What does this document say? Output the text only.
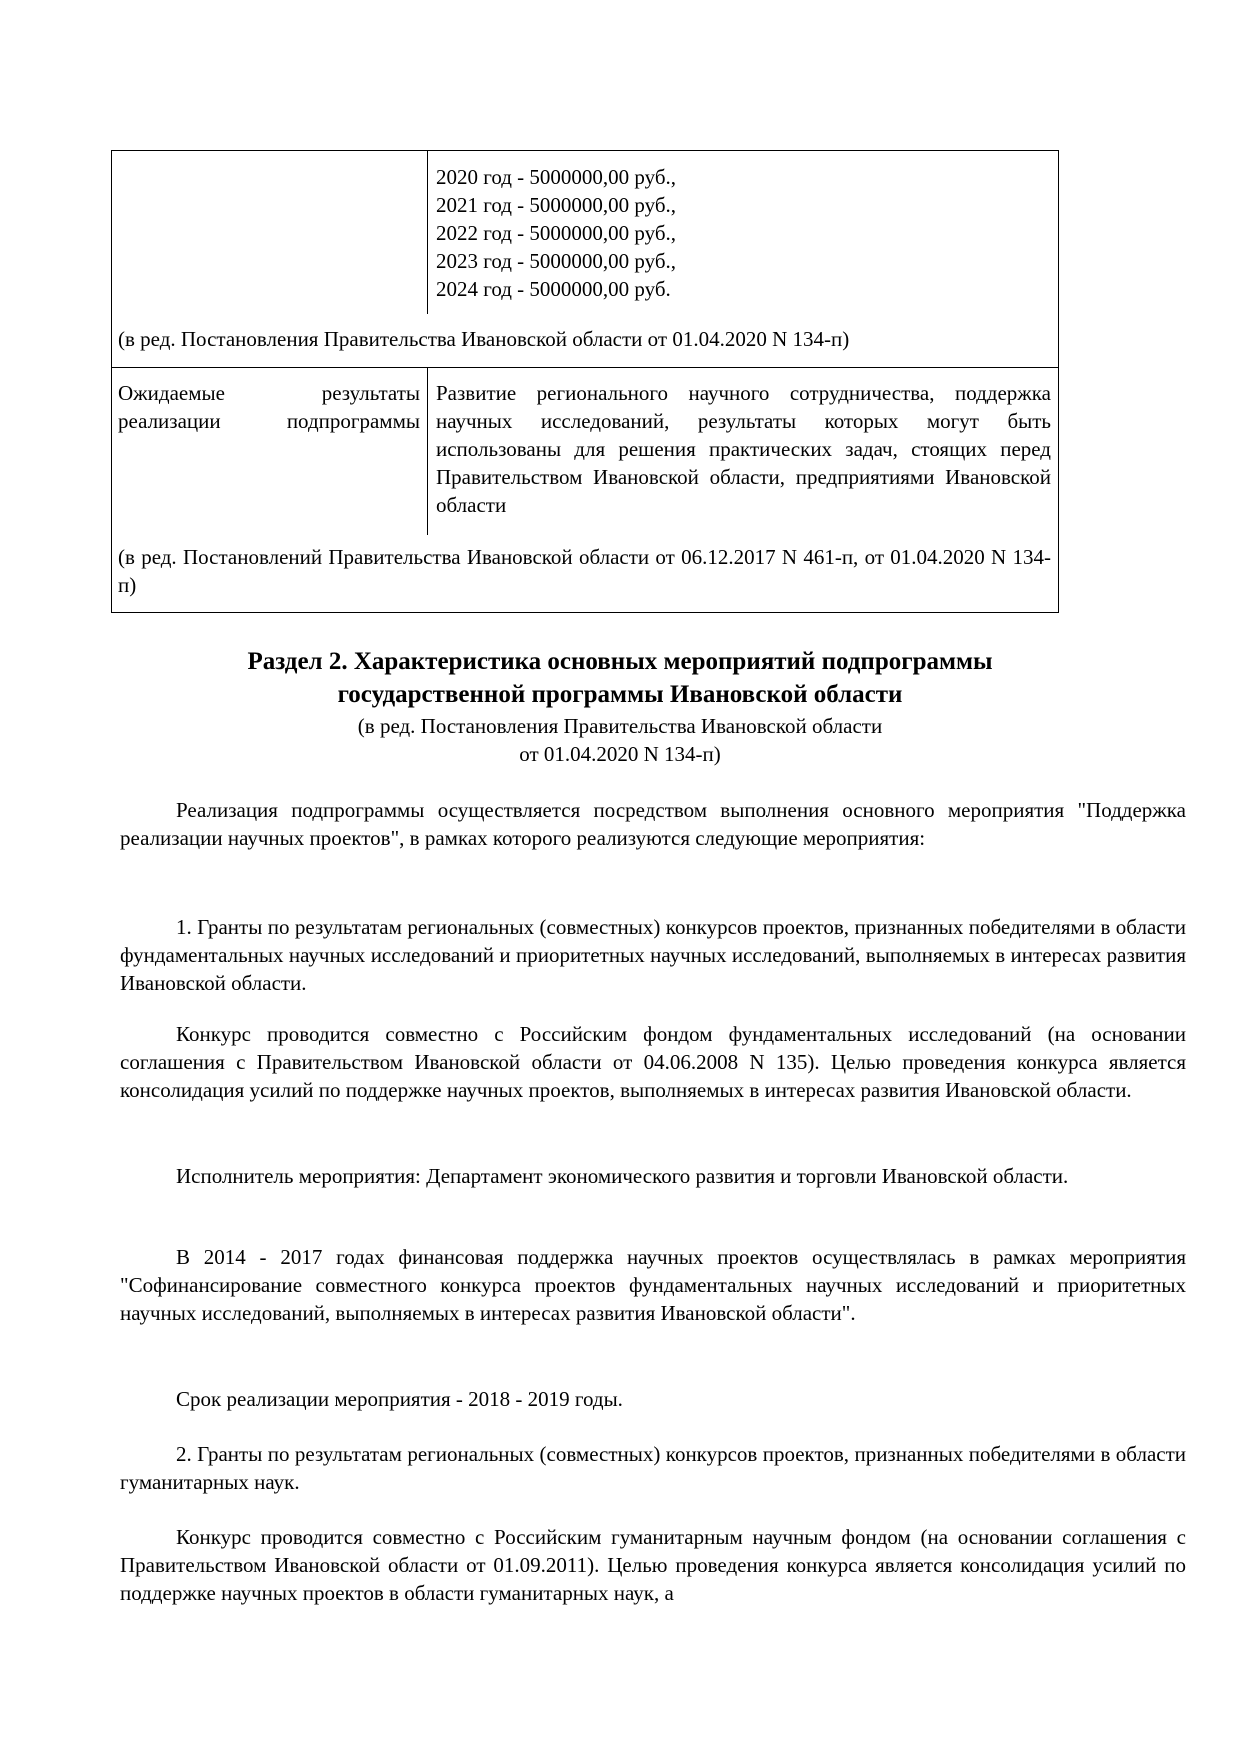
2020 год - 5000000,00 руб.,
2021 год - 5000000,00 руб.,
2022 год - 5000000,00 руб.,
2023 год - 5000000,00 руб.,
2024 год - 5000000,00 руб.
(в ред. Постановления Правительства Ивановской области от 01.04.2020 N 134-п)
Ожидаемые результаты реализации подпрограммы
Развитие регионального научного сотрудничества, поддержка научных исследований, результаты которых могут быть использованы для решения практических задач, стоящих перед Правительством Ивановской области, предприятиями Ивановской области
(в ред. Постановлений Правительства Ивановской области от 06.12.2017 N 461-п, от 01.04.2020 N 134-п)
Раздел 2. Характеристика основных мероприятий подпрограммы
государственной программы Ивановской области
(в ред. Постановления Правительства Ивановской области
от 01.04.2020 N 134-п)
Реализация подпрограммы осуществляется посредством выполнения основного мероприятия "Поддержка реализации научных проектов", в рамках которого реализуются следующие мероприятия:
1. Гранты по результатам региональных (совместных) конкурсов проектов, признанных победителями в области фундаментальных научных исследований и приоритетных научных исследований, выполняемых в интересах развития Ивановской области.
Конкурс проводится совместно с Российским фондом фундаментальных исследований (на основании соглашения с Правительством Ивановской области от 04.06.2008 N 135). Целью проведения конкурса является консолидация усилий по поддержке научных проектов, выполняемых в интересах развития Ивановской области.
Исполнитель мероприятия: Департамент экономического развития и торговли Ивановской области.
В 2014 - 2017 годах финансовая поддержка научных проектов осуществлялась в рамках мероприятия "Софинансирование совместного конкурса проектов фундаментальных научных исследований и приоритетных научных исследований, выполняемых в интересах развития Ивановской области".
Срок реализации мероприятия - 2018 - 2019 годы.
2. Гранты по результатам региональных (совместных) конкурсов проектов, признанных победителями в области гуманитарных наук.
Конкурс проводится совместно с Российским гуманитарным научным фондом (на основании соглашения с Правительством Ивановской области от 01.09.2011). Целью проведения конкурса является консолидация усилий по поддержке научных проектов в области гуманитарных наук, а
